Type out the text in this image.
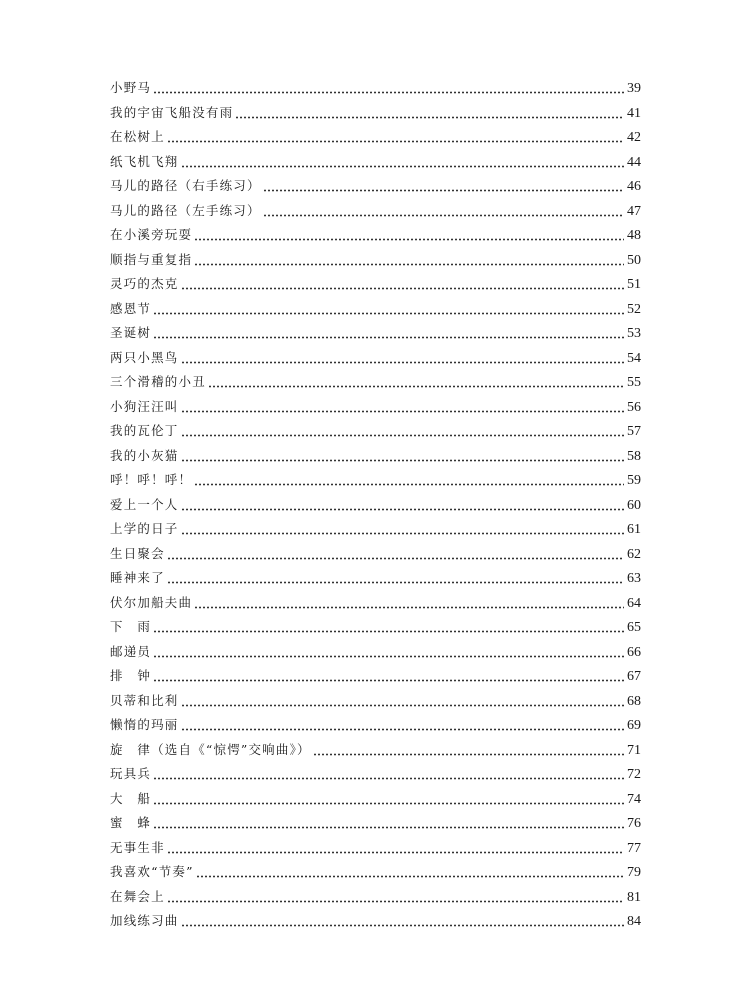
小野马	39
我的宇宙飞船没有雨	41
在松树上	42
纸飞机飞翔	44
马儿的路径（右手练习）	46
马儿的路径（左手练习）	47
在小溪旁玩耍	48
顺指与重复指	50
灵巧的杰克	51
感恩节	52
圣诞树	53
两只小黑鸟	54
三个滑稽的小丑	55
小狗汪汪叫	56
我的瓦伦丁	57
我的小灰猫	58
呼！呼！呼！	59
爱上一个人	60
上学的日子	61
生日聚会	62
睡神来了	63
伏尔加船夫曲	64
下　雨	65
邮递员	66
排　钟	67
贝蒂和比利	68
懒惰的玛丽	69
旋　律（选自《“惊愕”交响曲》）	71
玩具兵	72
大　船	74
蜜　蜂	76
无事生非	77
我喜欢“节奏”	79
在舞会上	81
加线练习曲	84
